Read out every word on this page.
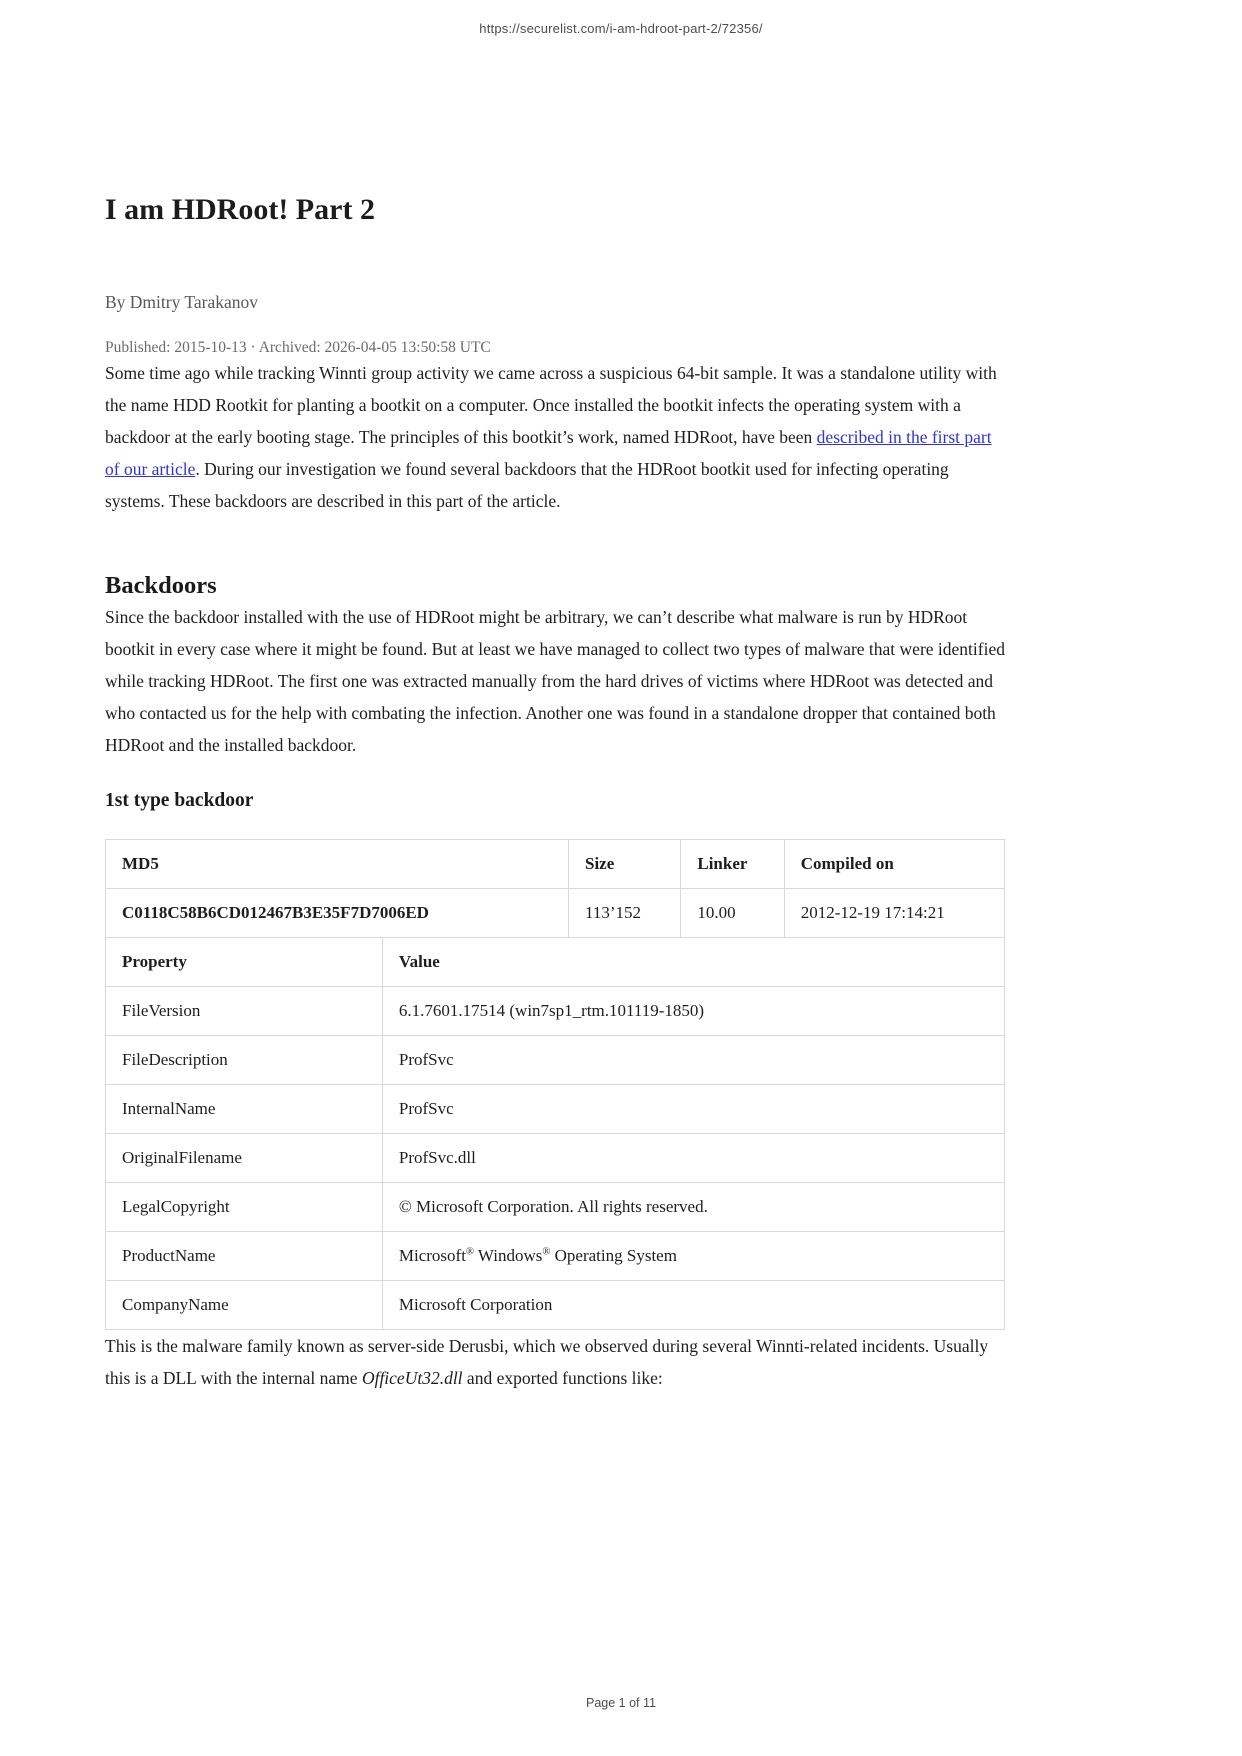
https://securelist.com/i-am-hdroot-part-2/72356/
I am HDRoot! Part 2
By Dmitry Tarakanov
Published: 2015-10-13 · Archived: 2026-04-05 13:50:58 UTC

Some time ago while tracking Winnti group activity we came across a suspicious 64-bit sample. It was a standalone utility with the name HDD Rootkit for planting a bootkit on a computer. Once installed the bootkit infects the operating system with a backdoor at the early booting stage. The principles of this bootkit’s work, named HDRoot, have been described in the first part of our article. During our investigation we found several backdoors that the HDRoot bootkit used for infecting operating systems. These backdoors are described in this part of the article.

Backdoors

Since the backdoor installed with the use of HDRoot might be arbitrary, we can’t describe what malware is run by HDRoot bootkit in every case where it might be found. But at least we have managed to collect two types of malware that were identified while tracking HDRoot. The first one was extracted manually from the hard drives of victims where HDRoot was detected and who contacted us for the help with combating the infection. Another one was found in a standalone dropper that contained both HDRoot and the installed backdoor.

1st type backdoor
MD5	Size	Linker	Compiled on
C0118C58B6CD012467B3E35F7D7006ED	113’152	10.00	2012-12-19 17:14:21
Property	Value
FileVersion	6.1.7601.17514 (win7sp1_rtm.101119-1850)
FileDescription	ProfSvc
InternalName	ProfSvc
OriginalFilename	ProfSvc.dll
LegalCopyright	© Microsoft Corporation. All rights reserved.
ProductName	Microsoft® Windows® Operating System
CompanyName	Microsoft Corporation

This is the malware family known as server-side Derusbi, which we observed during several Winnti-related incidents. Usually this is a DLL with the internal name OfficeUt32.dll and exported functions like:

Page 1 of 11
